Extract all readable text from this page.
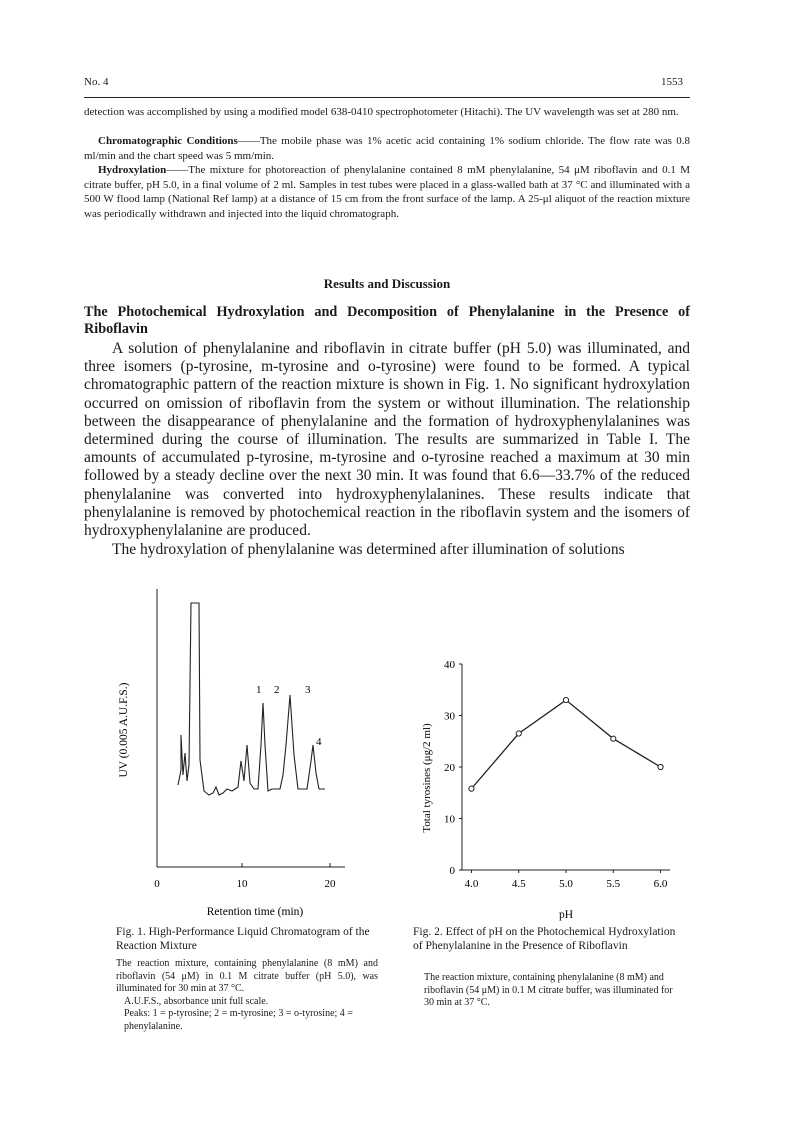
No. 4	1553
detection was accomplished by using a modified model 638-0410 spectrophotometer (Hitachi). The UV wavelength was set at 280 nm.
Chromatographic Conditions——The mobile phase was 1% acetic acid containing 1% sodium chloride. The flow rate was 0.8 ml/min and the chart speed was 5 mm/min.
Hydroxylation——The mixture for photoreaction of phenylalanine contained 8 mM phenylalanine, 54 μM riboflavin and 0.1 M citrate buffer, pH 5.0, in a final volume of 2 ml. Samples in test tubes were placed in a glass-walled bath at 37 °C and illuminated with a 500 W flood lamp (National Ref lamp) at a distance of 15 cm from the front surface of the lamp. A 25-μl aliquot of the reaction mixture was periodically withdrawn and injected into the liquid chromatograph.
Results and Discussion
The Photochemical Hydroxylation and Decomposition of Phenylalanine in the Presence of Riboflavin
A solution of phenylalanine and riboflavin in citrate buffer (pH 5.0) was illuminated, and three isomers (p-tyrosine, m-tyrosine and o-tyrosine) were found to be formed. A typical chromatographic pattern of the reaction mixture is shown in Fig. 1. No significant hydroxylation occurred on omission of riboflavin from the system or without illumination. The relationship between the disappearance of phenylalanine and the formation of hydroxyphenylalanines was determined during the course of illumination. The results are summarized in Table I. The amounts of accumulated p-tyrosine, m-tyrosine and o-tyrosine reached a maximum at 30 min followed by a steady decline over the next 30 min. It was found that 6.6—33.7% of the reduced phenylalanine was converted into hydroxyphenylalanines. These results indicate that phenylalanine is removed by photochemical reaction in the riboflavin system and the isomers of hydroxyphenylalanine are produced.
The hydroxylation of phenylalanine was determined after illumination of solutions
1 2 3
4
0	10	20
Retention time (min)
UV (0.005 A.U.F.S.)
Fig. 1. High-Performance Liquid Chromatogram of the Reaction Mixture
The reaction mixture, containing phenylalanine (8 mM) and riboflavin (54 μM) in 0.1 M citrate buffer (pH 5.0), was illuminated for 30 min at 37 °C.
A.U.F.S., absorbance unit full scale.
Peaks: 1 = p-tyrosine; 2 = m-tyrosine; 3 = o-tyrosine; 4 = phenylalanine.
0
10
20
30
40
4.0	4.5	5.0	5.5	6.0
Total tyrosines (μg/2 ml)
pH
Fig. 2. Effect of pH on the Photochemical Hydroxylation of Phenylalanine in the Presence of Riboflavin
The reaction mixture, containing phenylalanine (8 mM) and riboflavin (54 μM) in 0.1 M citrate buffer, was illuminated for 30 min at 37 °C.
